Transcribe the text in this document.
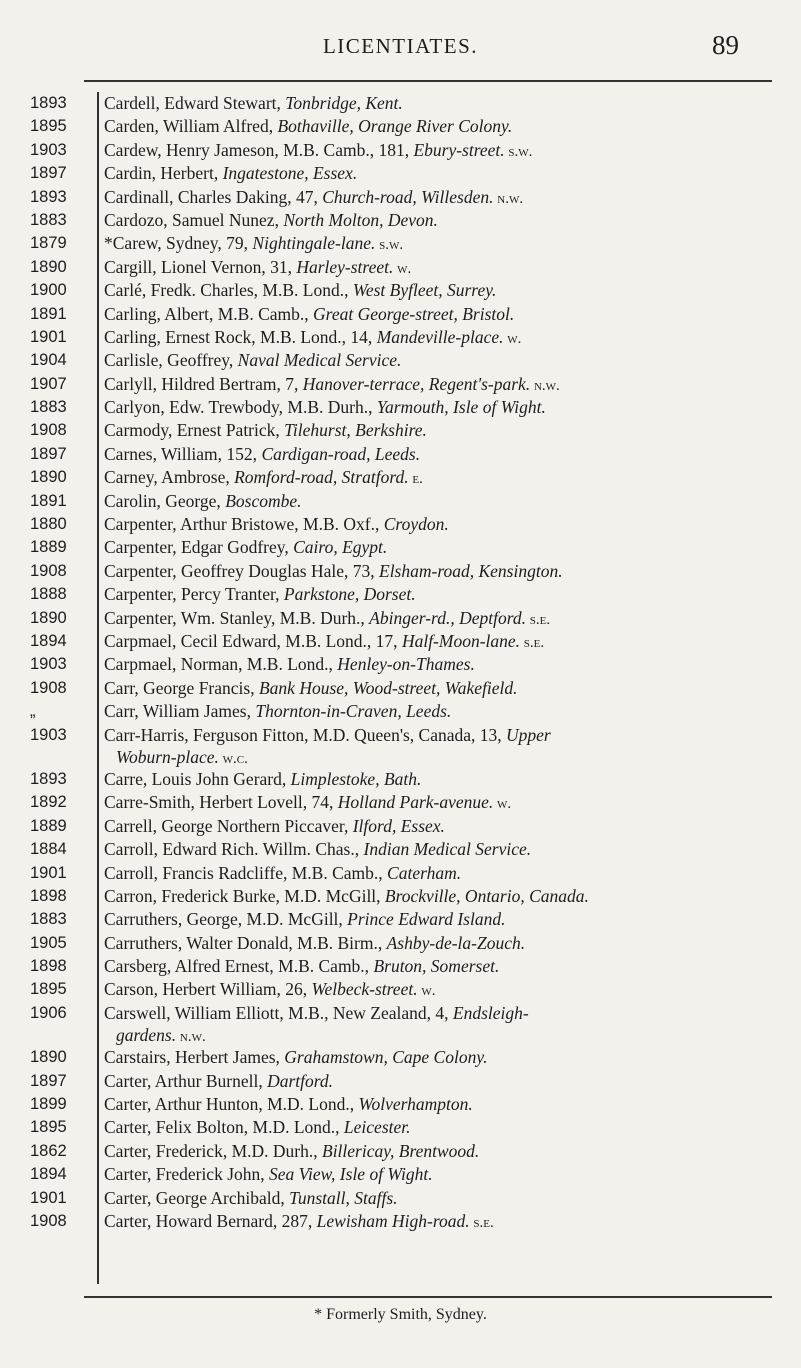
LICENTIATES.	89
1893	Cardell, Edward Stewart, Tonbridge, Kent.
1895	Carden, William Alfred, Bothaville, Orange River Colony.
1903	Cardew, Henry Jameson, M.B. Camb., 181, Ebury-street. s.w.
1897	Cardin, Herbert, Ingatestone, Essex.
1893	Cardinall, Charles Daking, 47, Church-road, Willesden. n.w.
1883	Cardozo, Samuel Nunez, North Molton, Devon.
1879	*Carew, Sydney, 79, Nightingale-lane. s.w.
1890	Cargill, Lionel Vernon, 31, Harley-street. w.
1900	Carlé, Fredk. Charles, M.B. Lond., West Byfleet, Surrey.
1891	Carling, Albert, M.B. Camb., Great George-street, Bristol.
1901	Carling, Ernest Rock, M.B. Lond., 14, Mandeville-place. w.
1904	Carlisle, Geoffrey, Naval Medical Service.
1907	Carlyll, Hildred Bertram, 7, Hanover-terrace, Regent's-park. n.w.
1883	Carlyon, Edw. Trewbody, M.B. Durh., Yarmouth, Isle of Wight.
1908	Carmody, Ernest Patrick, Tilehurst, Berkshire.
1897	Carnes, William, 152, Cardigan-road, Leeds.
1890	Carney, Ambrose, Romford-road, Stratford. e.
1891	Carolin, George, Boscombe.
1880	Carpenter, Arthur Bristowe, M.B. Oxf., Croydon.
1889	Carpenter, Edgar Godfrey, Cairo, Egypt.
1908	Carpenter, Geoffrey Douglas Hale, 73, Elsham-road, Kensington.
1888	Carpenter, Percy Tranter, Parkstone, Dorset.
1890	Carpenter, Wm. Stanley, M.B. Durh., Abinger-rd., Deptford. s.e.
1894	Carpmael, Cecil Edward, M.B. Lond., 17, Half-Moon-lane. s.e.
1903	Carpmael, Norman, M.B. Lond., Henley-on-Thames.
1908	Carr, George Francis, Bank House, Wood-street, Wakefield.
„	Carr, William James, Thornton-in-Craven, Leeds.
1903	Carr-Harris, Ferguson Fitton, M.D. Queen's, Canada, 13, Upper
Woburn-place. w.c.
1893	Carre, Louis John Gerard, Limplestoke, Bath.
1892	Carre-Smith, Herbert Lovell, 74, Holland Park-avenue. w.
1889	Carrell, George Northern Piccaver, Ilford, Essex.
1884	Carroll, Edward Rich. Willm. Chas., Indian Medical Service.
1901	Carroll, Francis Radcliffe, M.B. Camb., Caterham.
1898	Carron, Frederick Burke, M.D. McGill, Brockville, Ontario, Canada.
1883	Carruthers, George, M.D. McGill, Prince Edward Island.
1905	Carruthers, Walter Donald, M.B. Birm., Ashby-de-la-Zouch.
1898	Carsberg, Alfred Ernest, M.B. Camb., Bruton, Somerset.
1895	Carson, Herbert William, 26, Welbeck-street. w.
1906	Carswell, William Elliott, M.B., New Zealand, 4, Endsleigh-
gardens. n.w.
1890	Carstairs, Herbert James, Grahamstown, Cape Colony.
1897	Carter, Arthur Burnell, Dartford.
1899	Carter, Arthur Hunton, M.D. Lond., Wolverhampton.
1895	Carter, Felix Bolton, M.D. Lond., Leicester.
1862	Carter, Frederick, M.D. Durh., Billericay, Brentwood.
1894	Carter, Frederick John, Sea View, Isle of Wight.
1901	Carter, George Archibald, Tunstall, Staffs.
1908	Carter, Howard Bernard, 287, Lewisham High-road. s.e.
* Formerly Smith, Sydney.
